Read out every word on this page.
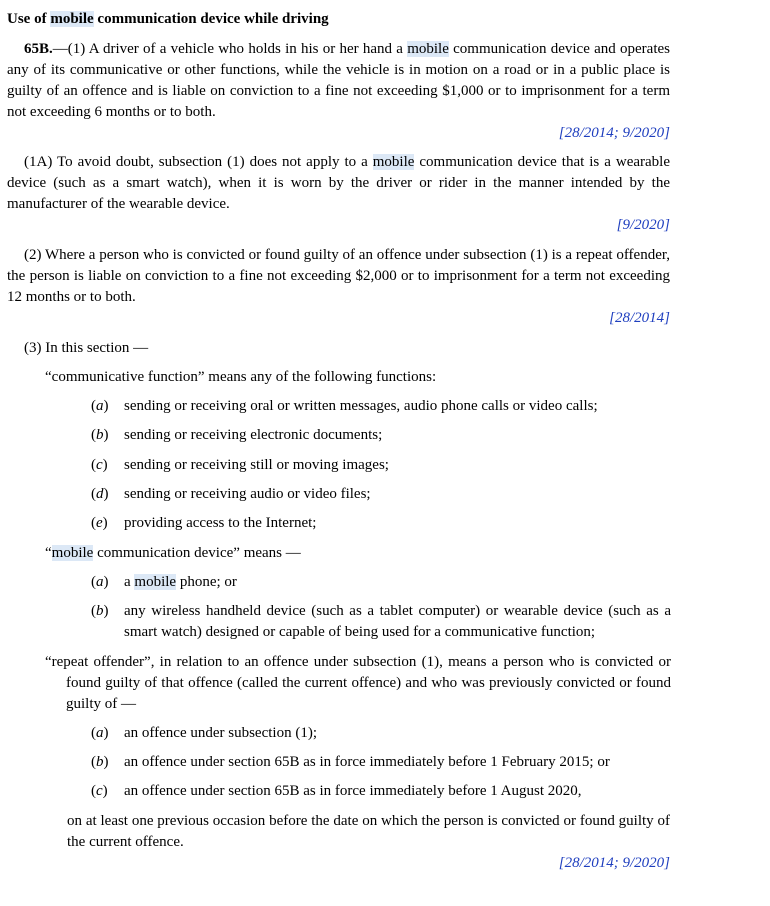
Use of mobile communication device while driving
65B.—(1) A driver of a vehicle who holds in his or her hand a mobile communication device and operates any of its communicative or other functions, while the vehicle is in motion on a road or in a public place is guilty of an offence and is liable on conviction to a fine not exceeding $1,000 or to imprisonment for a term not exceeding 6 months or to both.
[28/2014; 9/2020]
(1A) To avoid doubt, subsection (1) does not apply to a mobile communication device that is a wearable device (such as a smart watch), when it is worn by the driver or rider in the manner intended by the manufacturer of the wearable device.
[9/2020]
(2) Where a person who is convicted or found guilty of an offence under subsection (1) is a repeat offender, the person is liable on conviction to a fine not exceeding $2,000 or to imprisonment for a term not exceeding 12 months or to both.
[28/2014]
(3) In this section —
“communicative function” means any of the following functions:
(a) sending or receiving oral or written messages, audio phone calls or video calls;
(b) sending or receiving electronic documents;
(c) sending or receiving still or moving images;
(d) sending or receiving audio or video files;
(e) providing access to the Internet;
“mobile communication device” means —
(a) a mobile phone; or
(b) any wireless handheld device (such as a tablet computer) or wearable device (such as a smart watch) designed or capable of being used for a communicative function;
“repeat offender”, in relation to an offence under subsection (1), means a person who is convicted or found guilty of that offence (called the current offence) and who was previously convicted or found guilty of —
(a) an offence under subsection (1);
(b) an offence under section 65B as in force immediately before 1 February 2015; or
(c) an offence under section 65B as in force immediately before 1 August 2020,
on at least one previous occasion before the date on which the person is convicted or found guilty of the current offence.
[28/2014; 9/2020]
